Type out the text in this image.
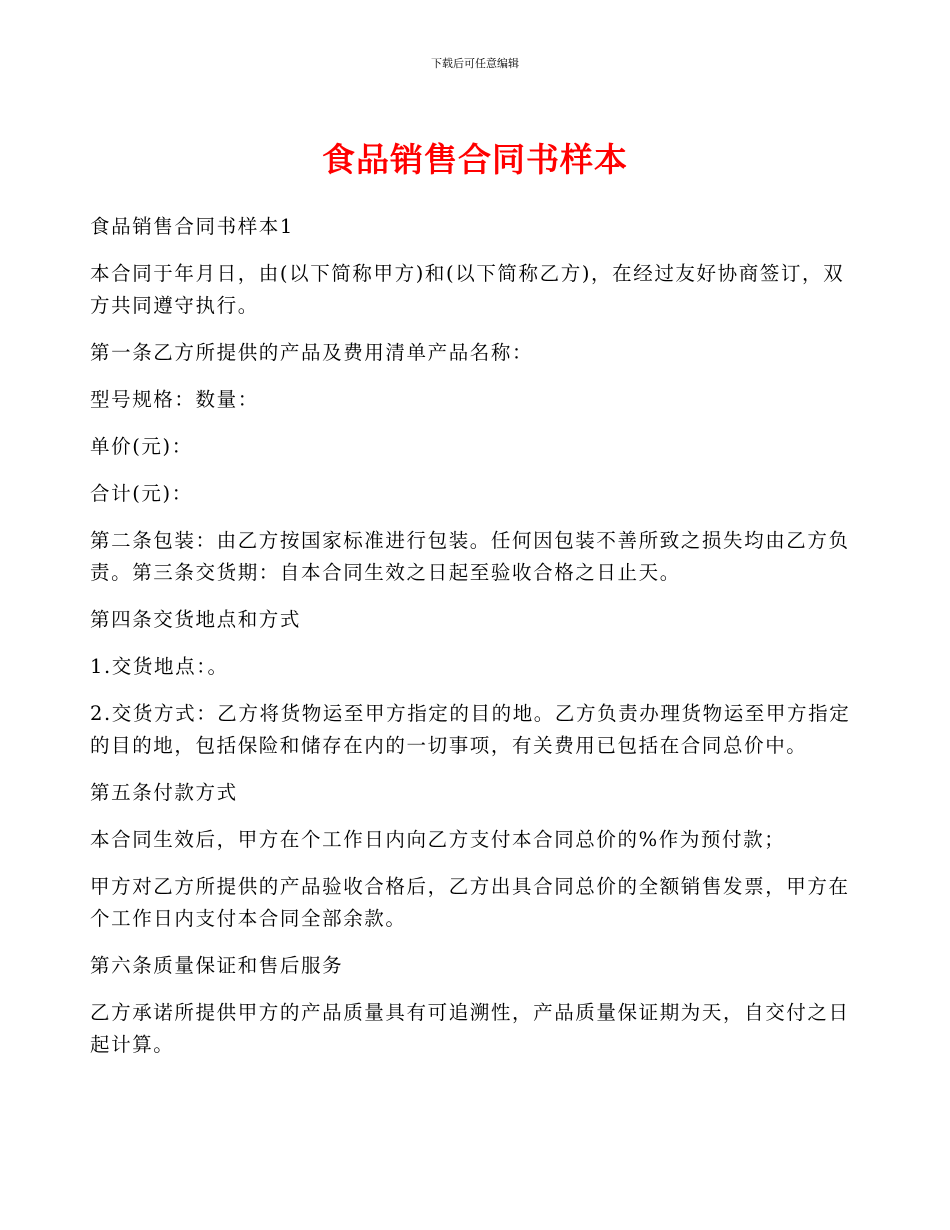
下载后可任意编辑
食品销售合同书样本

食品销售合同书样本1

本合同于年月日，由(以下简称甲方)和(以下简称乙方)，在经过友好协商签订，双方共同遵守执行。

第一条乙方所提供的产品及费用清单产品名称：

型号规格：数量：

单价(元)：

合计(元)：

第二条包装：由乙方按国家标准进行包装。任何因包装不善所致之损失均由乙方负责。第三条交货期：自本合同生效之日起至验收合格之日止天。

第四条交货地点和方式

1.交货地点：。

2.交货方式：乙方将货物运至甲方指定的目的地。乙方负责办理货物运至甲方指定的目的地，包括保险和储存在内的一切事项，有关费用已包括在合同总价中。

第五条付款方式

本合同生效后，甲方在个工作日内向乙方支付本合同总价的%作为预付款；

甲方对乙方所提供的产品验收合格后，乙方出具合同总价的全额销售发票，甲方在个工作日内支付本合同全部余款。

第六条质量保证和售后服务

乙方承诺所提供甲方的产品质量具有可追溯性，产品质量保证期为天，自交付之日起计算。
